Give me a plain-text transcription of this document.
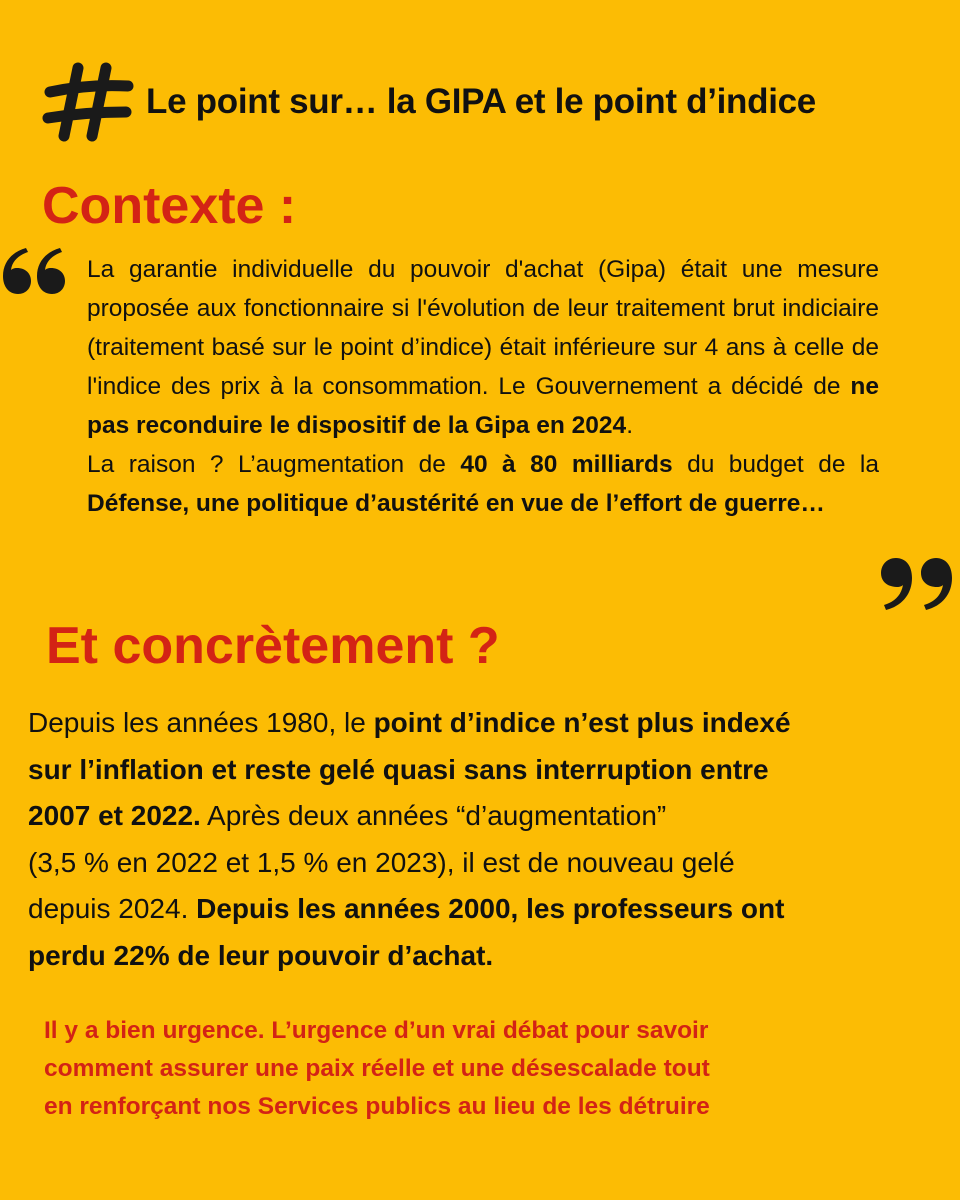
Le point sur… la GIPA et le point d’indice
Contexte :

La garantie individuelle du pouvoir d'achat (Gipa) était une mesure proposée aux fonctionnaire si l'évolution de leur traitement brut indiciaire (traitement basé sur le point d’indice) était inférieure sur 4 ans à celle de l'indice des prix à la consommation. Le Gouvernement a décidé de ne pas reconduire le dispositif de la Gipa en 2024.

La raison ? L’augmentation de 40 à 80 milliards du budget de la Défense, une politique d’austérité en vue de l’effort de guerre…

Et concrètement ?
Depuis les années 1980, le point d’indice n’est plus indexé
sur l’inflation et reste gelé quasi sans interruption entre
2007 et 2022. Après deux années “d’augmentation”
(3,5 % en 2022 et 1,5 % en 2023), il est de nouveau gelé
depuis 2024. Depuis les années 2000, les professeurs ont
perdu 22% de leur pouvoir d’achat.
Il y a bien urgence. L’urgence d’un vrai débat pour savoir
comment assurer une paix réelle et une désescalade tout
en renforçant nos Services publics au lieu de les détruire
